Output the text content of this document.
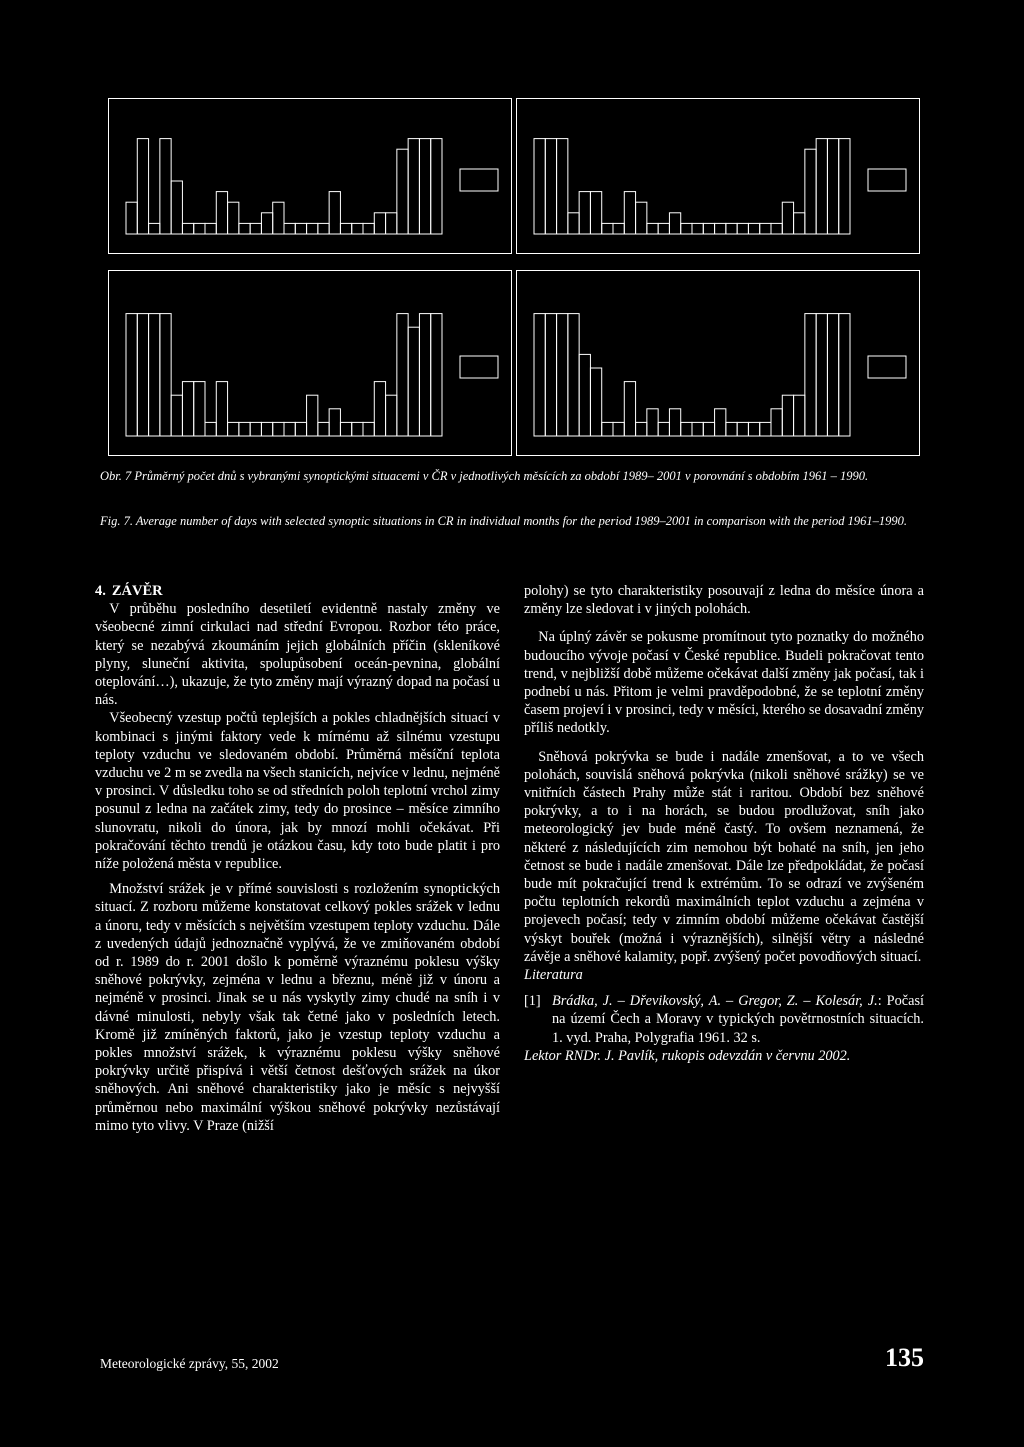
Obr. 7 Průměrný počet dnů s vybranými synoptickými situacemi v ČR v jednotlivých měsících za období 1989– 2001 v porovnání s obdobím 1961 – 1990.
Fig. 7. Average number of days with selected synoptic situations in CR in individual months for the period 1989–2001 in comparison with the period 1961–1990.
4. ZÁVĚR

V průběhu posledního desetiletí evidentně nastaly změny ve všeobecné zimní cirkulaci nad střední Evropou. Rozbor této práce, který se nezabývá zkoumáním jejich globálních příčin (skleníkové plyny, sluneční aktivita, spolupůsobení oceán-pevnina, globální oteplování…), ukazuje, že tyto změny mají výrazný dopad na počasí u nás.

Všeobecný vzestup počtů teplejších a pokles chladnějších situací v kombinaci s jinými faktory vede k mírnému až silnému vzestupu teploty vzduchu ve sledovaném období. Průměrná měsíční teplota vzduchu ve 2 m se zvedla na všech stanicích, nejvíce v lednu, nejméně v prosinci. V důsledku toho se od středních poloh teplotní vrchol zimy posunul z ledna na začátek zimy, tedy do prosince – měsíce zimního slunovratu, nikoli do února, jak by mnozí mohli očekávat. Při pokračování těchto trendů je otázkou času, kdy toto bude platit i pro níže položená města v republice.

Množství srážek je v přímé souvislosti s rozložením synoptických situací. Z rozboru můžeme konstatovat celkový pokles srážek v lednu a únoru, tedy v měsících s největším vzestupem teploty vzduchu. Dále z uvedených údajů jednoznačně vyplývá, že ve zmiňovaném období od r. 1989 do r. 2001 došlo k poměrně výraznému poklesu výšky sněhové pokrývky, zejména v lednu a březnu, méně již v únoru a nejméně v prosinci. Jinak se u nás vyskytly zimy chudé na sníh i v dávné minulosti, nebyly však tak četné jako v posledních letech. Kromě již zmíněných faktorů, jako je vzestup teploty vzduchu a pokles množství srážek, k výraznému poklesu výšky sněhové pokrývky určitě přispívá i větší četnost dešťových srážek na úkor sněhových. Ani sněhové charakteristiky jako je měsíc s nejvyšší průměrnou nebo maximální výškou sněhové pokrývky nezůstávají mimo tyto vlivy. V Praze (nižší

polohy) se tyto charakteristiky posouvají z ledna do měsíce února a změny lze sledovat i v jiných polohách.

Na úplný závěr se pokusme promítnout tyto poznatky do možného budoucího vývoje počasí v České republice. Budeli pokračovat tento trend, v nejbližší době můžeme očekávat další změny jak počasí, tak i podnebí u nás. Přitom je velmi pravděpodobné, že se teplotní změny časem projeví i v prosinci, tedy v měsíci, kterého se dosavadní změny příliš nedotkly.

Sněhová pokrývka se bude i nadále zmenšovat, a to ve všech polohách, souvislá sněhová pokrývka (nikoli sněhové srážky) se ve vnitřních částech Prahy může stát i raritou. Období bez sněhové pokrývky, a to i na horách, se budou prodlužovat, sníh jako meteorologický jev bude méně častý. To ovšem neznamená, že některé z následujících zim nemohou být bohaté na sníh, jen jeho četnost se bude i nadále zmenšovat. Dále lze předpokládat, že počasí bude mít pokračující trend k extrémům. To se odrazí ve zvýšeném počtu teplotních rekordů maximálních teplot vzduchu a zejména v projevech počasí; tedy v zimním období můžeme očekávat častější výskyt bouřek (možná i výraznějších), silnější větry a následné závěje a sněhové kalamity, popř. zvýšený počet povodňových situací.

Literatura

[1] Brádka, J. – Dřevikovský, A. – Gregor, Z. – Kolesár, J.: Počasí na území Čech a Moravy v typických povětrnostních situacích. 1. vyd. Praha, Polygrafia 1961. 32 s.

Lektor RNDr. J. Pavlík, rukopis odevzdán v červnu 2002.

Meteorologické zprávy, 55, 2002	135
